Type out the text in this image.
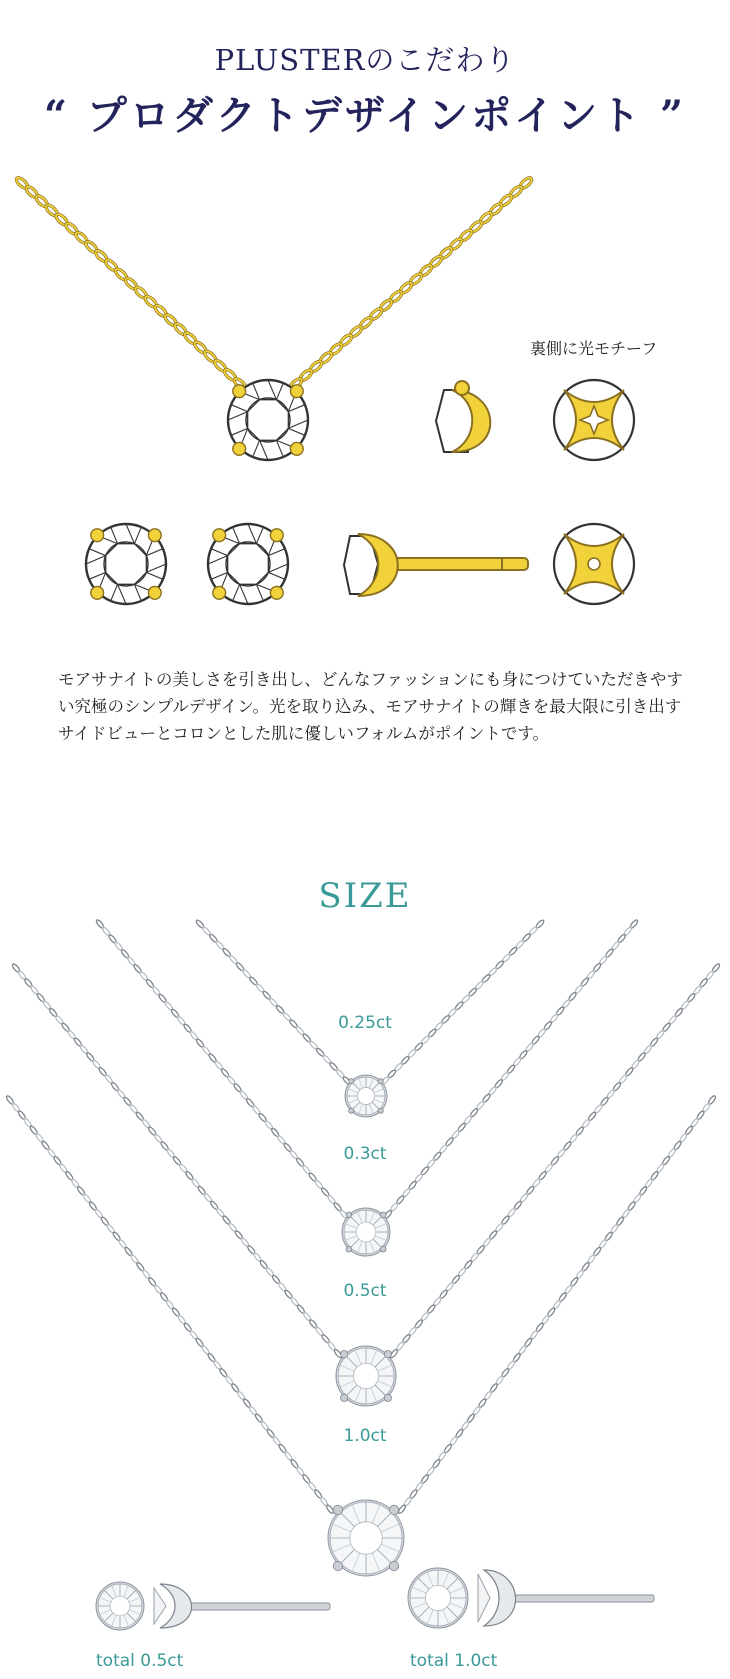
PLUSTERのこだわり
“ プロダクトデザインポイント ”
裏側に光モチーフ
モアサナイトの美しさを引き出し、どんなファッションにも身につけていただきやすい究極のシンプルデザイン。光を取り込み、モアサナイトの輝きを最大限に引き出すサイドビューとコロンとした肌に優しいフォルムがポイントです。
SIZE
0.25ct
0.3ct
0.5ct
1.0ct
total 0.5ct	total 1.0ct
